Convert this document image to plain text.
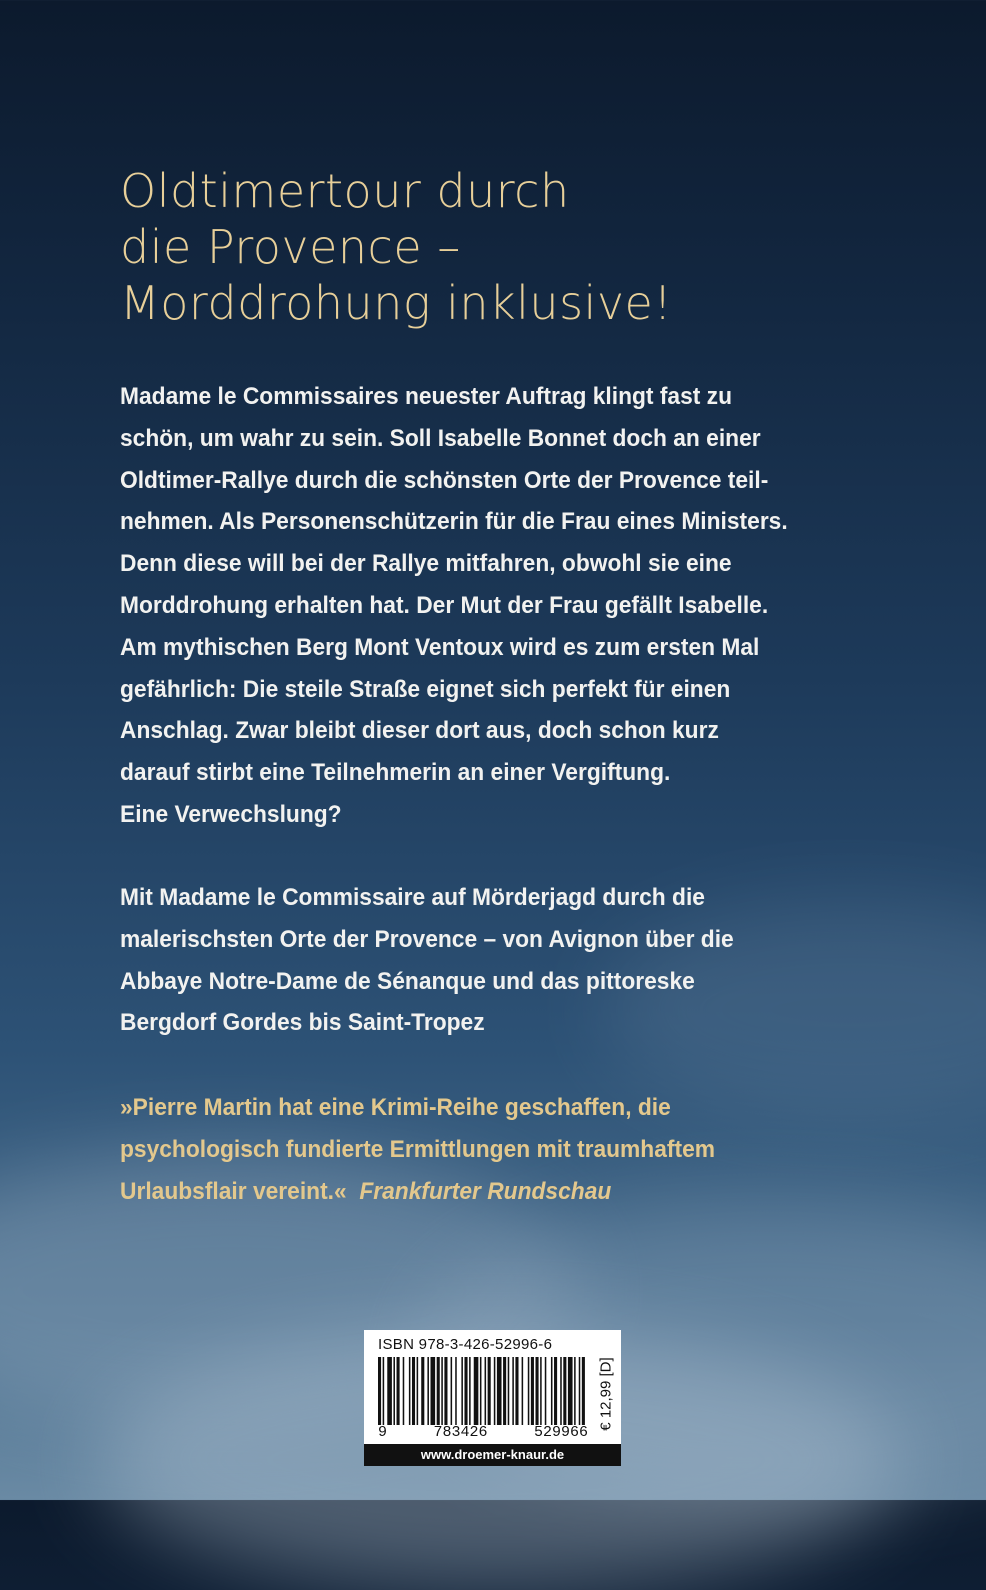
Oldtimertour durch
die Provence –
Morddrohung inklusive!

Madame le Commissaires neuester Auftrag klingt fast zu
schön, um wahr zu sein. Soll Isabelle Bonnet doch an einer
Oldtimer-Rallye durch die schönsten Orte der Provence teil-
nehmen. Als Personenschützerin für die Frau eines Ministers.
Denn diese will bei der Rallye mitfahren, obwohl sie eine
Morddrohung erhalten hat. Der Mut der Frau gefällt Isabelle.
Am mythischen Berg Mont Ventoux wird es zum ersten Mal
gefährlich: Die steile Straße eignet sich perfekt für einen
Anschlag. Zwar bleibt dieser dort aus, doch schon kurz
darauf stirbt eine Teilnehmerin an einer Vergiftung.
Eine Verwechslung?

Mit Madame le Commissaire auf Mörderjagd durch die
malerischsten Orte der Provence – von Avignon über die
Abbaye Notre-Dame de Sénanque und das pittoreske
Bergdorf Gordes bis Saint-Tropez

»Pierre Martin hat eine Krimi-Reihe geschaffen, die
psychologisch fundierte Ermittlungen mit traumhaftem
Urlaubsflair vereint.« Frankfurter Rundschau

ISBN 978-3-426-52996-6
9	783426	529966
€ 12,99 [D]
www.droemer-knaur.de
